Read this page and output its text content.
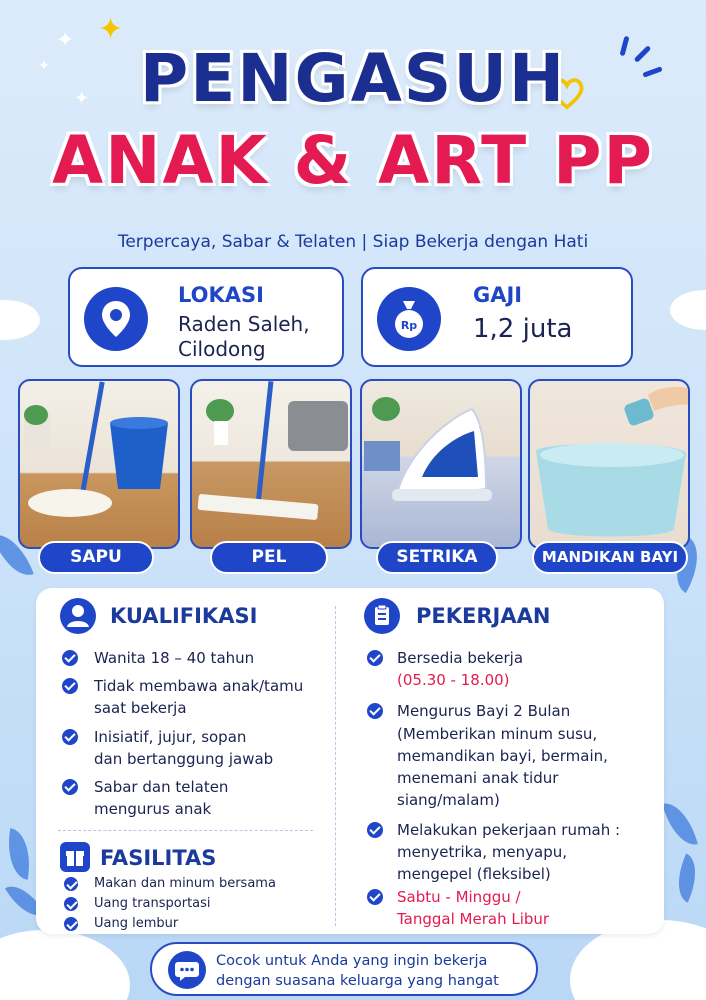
✦
✦
✦
✦ PENGASUH
ANAK & ART PP
Terpercaya, Sabar & Telaten | Siap Bekerja dengan Hati
LOKASI
Raden Saleh,
Cilodong
Rp
GAJI
1,2 juta
SAPU	PEL	SETRIKA	MANDIKAN BAYI
KUALIFIKASI
Wanita 18 – 40 tahun
Tidak membawa anak/tamu
saat bekerja
Inisiatif, jujur, sopan
dan bertanggung jawab
Sabar dan telaten
mengurus anak
FASILITAS
Makan dan minum bersama
Uang transportasi
Uang lembur
PEKERJAAN
Bersedia bekerja
(05.30 - 18.00)
Mengurus Bayi 2 Bulan
(Memberikan minum susu,
memandikan bayi, bermain,
menemani anak tidur
siang/malam)
Melakukan pekerjaan rumah :
menyetrika, menyapu,
mengepel (fleksibel)
Sabtu - Minggu /
Tanggal Merah Libur
Cocok untuk Anda yang ingin bekerja
dengan suasana keluarga yang hangat
